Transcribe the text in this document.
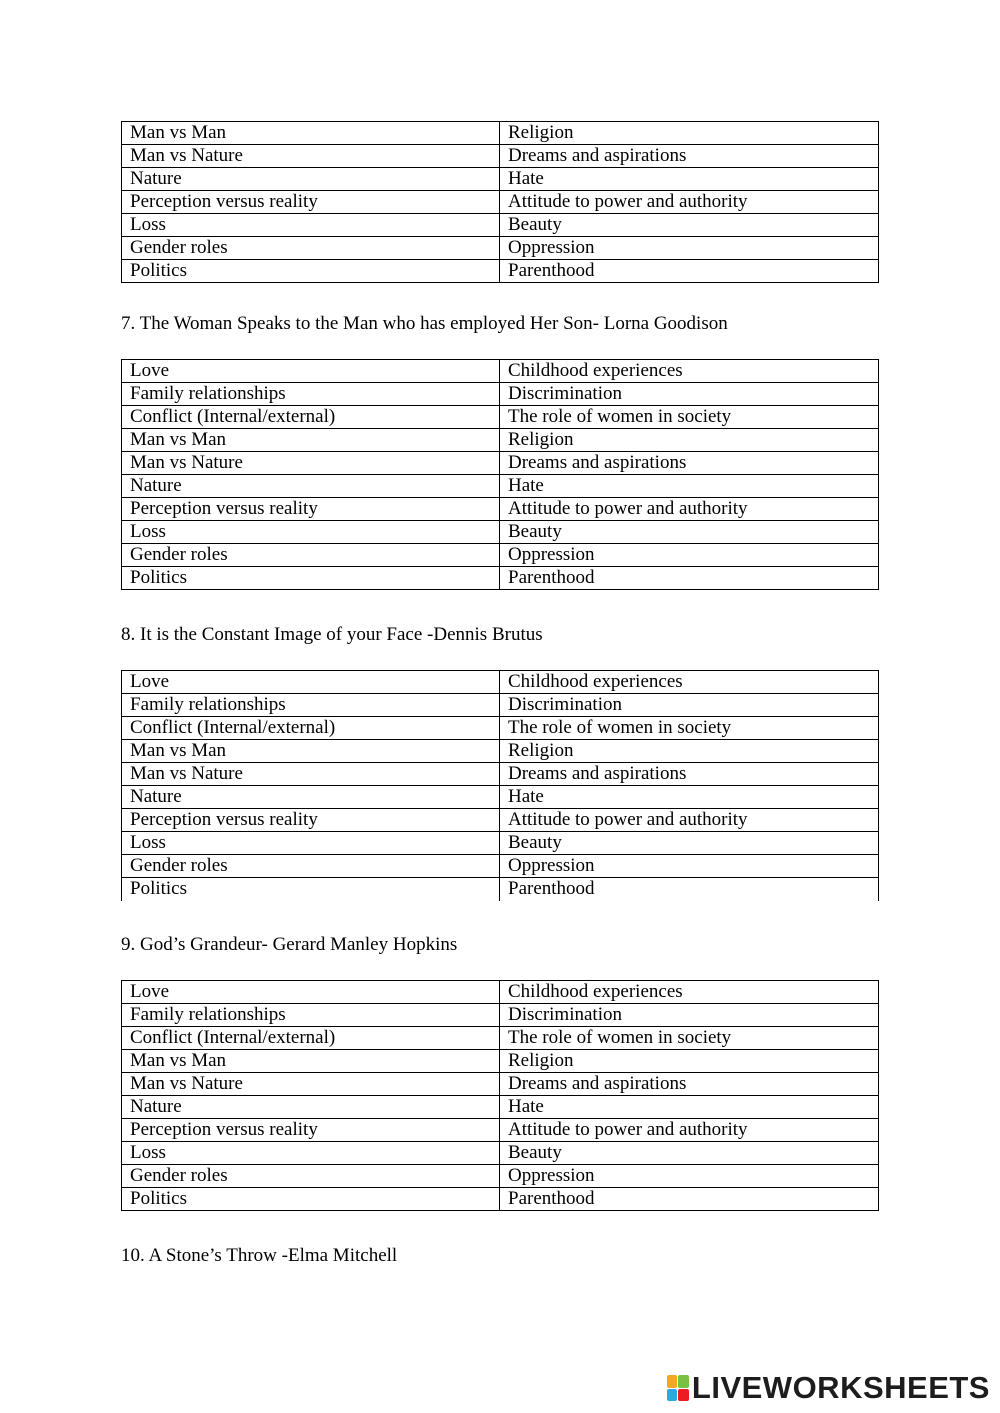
Man vs Man	Religion
Man vs Nature	Dreams and aspirations
Nature	Hate
Perception versus reality	Attitude to power and authority
Loss	Beauty
Gender roles	Oppression
Politics	Parenthood

7. The Woman Speaks to the Man who has employed Her Son- Lorna Goodison

Love	Childhood experiences
Family relationships	Discrimination
Conflict (Internal/external)	The role of women in society
Man vs Man	Religion
Man vs Nature	Dreams and aspirations
Nature	Hate
Perception versus reality	Attitude to power and authority
Loss	Beauty
Gender roles	Oppression
Politics	Parenthood

8. It is the Constant Image of your Face -Dennis Brutus

Love	Childhood experiences
Family relationships	Discrimination
Conflict (Internal/external)	The role of women in society
Man vs Man	Religion
Man vs Nature	Dreams and aspirations
Nature	Hate
Perception versus reality	Attitude to power and authority
Loss	Beauty
Gender roles	Oppression
Politics	Parenthood

9. God’s Grandeur- Gerard Manley Hopkins

Love	Childhood experiences
Family relationships	Discrimination
Conflict (Internal/external)	The role of women in society
Man vs Man	Religion
Man vs Nature	Dreams and aspirations
Nature	Hate
Perception versus reality	Attitude to power and authority
Loss	Beauty
Gender roles	Oppression
Politics	Parenthood

10. A Stone’s Throw -Elma Mitchell

LIVEWORKSHEETS
